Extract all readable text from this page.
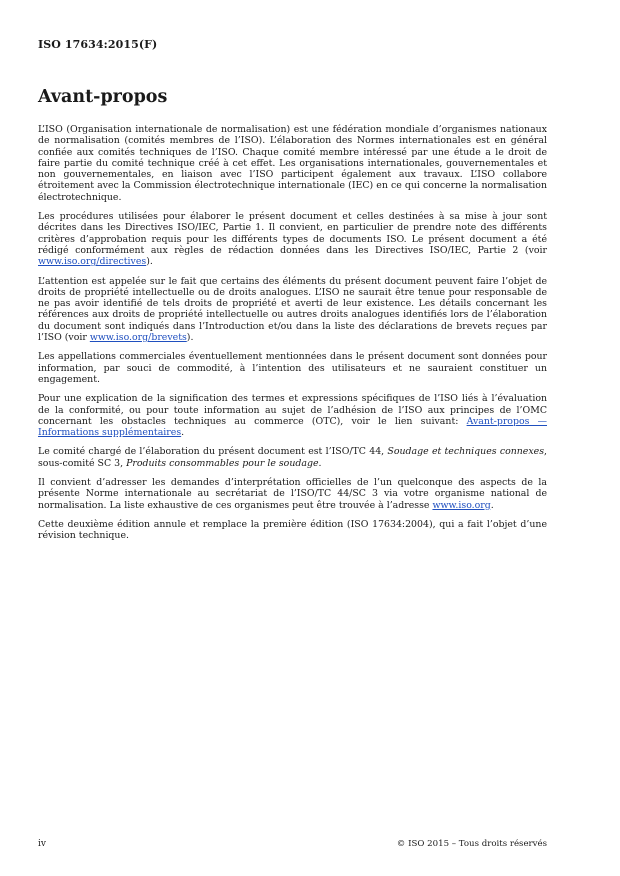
ISO 17634:2015(F)
Avant-propos

L’ISO (Organisation internationale de normalisation) est une fédération mondiale d’organismes nationaux de normalisation (comités membres de l’ISO). L’élaboration des Normes internationales est en général confiée aux comités techniques de l’ISO. Chaque comité membre intéressé par une étude a le droit de faire partie du comité technique créé à cet effet. Les organisations internationales, gouvernementales et non gouvernementales, en liaison avec l’ISO participent également aux travaux. L’ISO collabore étroitement avec la Commission électrotechnique internationale (IEC) en ce qui concerne la normalisation électrotechnique.

Les procédures utilisées pour élaborer le présent document et celles destinées à sa mise à jour sont décrites dans les Directives ISO/IEC, Partie 1. Il convient, en particulier de prendre note des différents critères d’approbation requis pour les différents types de documents ISO. Le présent document a été rédigé conformément aux règles de rédaction données dans les Directives ISO/IEC, Partie 2 (voir www.iso.org/directives).

L’attention est appelée sur le fait que certains des éléments du présent document peuvent faire l’objet de droits de propriété intellectuelle ou de droits analogues. L’ISO ne saurait être tenue pour responsable de ne pas avoir identifié de tels droits de propriété et averti de leur existence. Les détails concernant les références aux droits de propriété intellectuelle ou autres droits analogues identifiés lors de l’élaboration du document sont indiqués dans l’Introduction et/ou dans la liste des déclarations de brevets reçues par l’ISO (voir www.iso.org/brevets).

Les appellations commerciales éventuellement mentionnées dans le présent document sont données pour information, par souci de commodité, à l’intention des utilisateurs et ne sauraient constituer un engagement.

Pour une explication de la signification des termes et expressions spécifiques de l’ISO liés à l’évaluation de la conformité, ou pour toute information au sujet de l’adhésion de l’ISO aux principes de l’OMC concernant les obstacles techniques au commerce (OTC), voir le lien suivant: Avant-propos — Informations supplémentaires.

Le comité chargé de l’élaboration du présent document est l’ISO/TC 44, Soudage et techniques connexes, sous-comité SC 3, Produits consommables pour le soudage.

Il convient d’adresser les demandes d’interprétation officielles de l’un quelconque des aspects de la présente Norme internationale au secrétariat de l’ISO/TC 44/SC 3 via votre organisme national de normalisation. La liste exhaustive de ces organismes peut être trouvée à l’adresse www.iso.org.

Cette deuxième édition annule et remplace la première édition (ISO 17634:2004), qui a fait l’objet d’une révision technique.

iv	© ISO 2015 – Tous droits réservés
